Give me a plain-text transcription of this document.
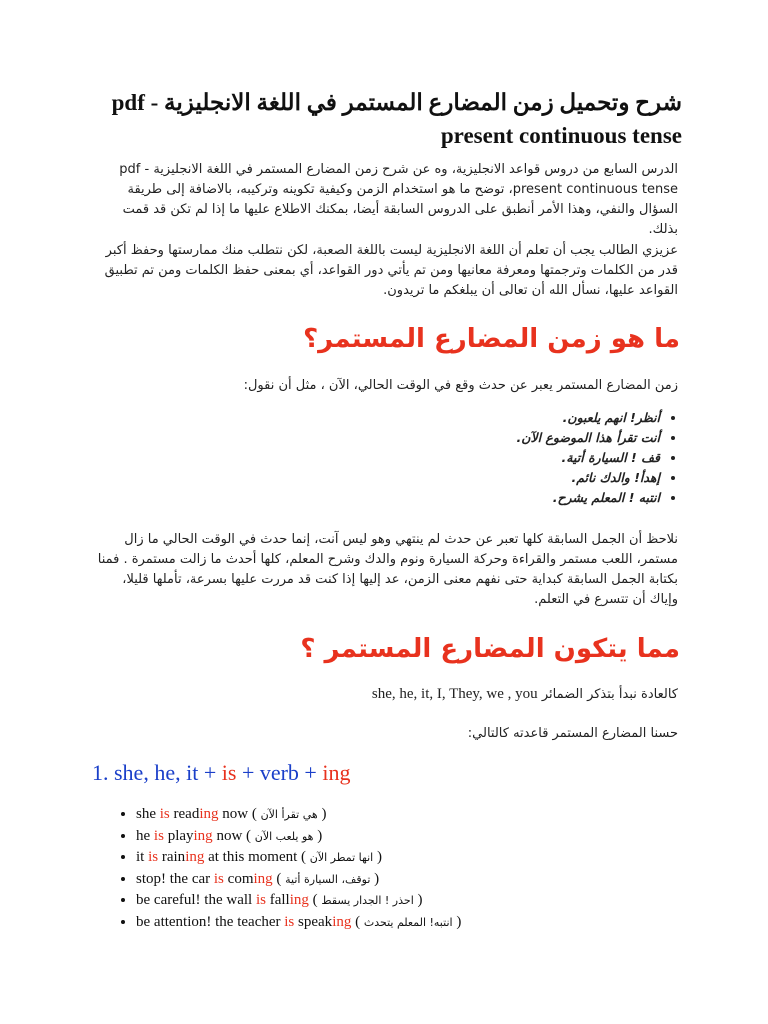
شرح وتحميل زمن المضارع المستمر في اللغة الانجليزية pdf - present continuous tense
الدرس السابع من دروس قواعد الانجليزية، وه عن شرح زمن المضارع المستمر في اللغة الانجليزية pdf - present continuous tense، توضح ما هو استخدام الزمن وكيفية تكوينه وتركيبه، بالاضافة إلى طريقة السؤال والنفي، وهذا الأمر أنطبق على الدروس السابقة أيضا، بمكنك الاطلاع عليها ما إذا لم تكن قد قمت بذلك.
عزيزي الطالب يجب أن تعلم أن اللغة الانجليزية ليست باللغة الصعبة، لكن نتطلب منك ممارستها وحفظ أكبر قدر من الكلمات وترجمتها ومعرفة معانيها ومن تم يأتي دور القواعد، أي بمعنى حفظ الكلمات ومن تم تطبيق القواعد عليها، نسأل الله أن تعالى أن يبلغكم ما تريدون.
ما هو زمن المضارع المستمر؟
زمن المضارع المستمر يعبر عن حدث وقع في الوقت الحالي، الآن ، مثل أن نقول:
• أنظر! انهم يلعبون.
• أنت تقرأ هذا الموضوع الآن.
• قف ! السيارة أتية.
• إهدأ! والدك نائم.
• انتبه ! المعلم يشرح.
نلاحظ أن الجمل السابقة كلها تعبر عن حدث لم ينتهي وهو ليس آنت، إنما حدث في الوقت الحالي ما زال مستمر، اللعب مستمر والقراءة وحركة السيارة ونوم والدك وشرح المعلم، كلها أحدث ما زالت مستمرة . فمنا بكتابة الجمل السابقة كبداية حتى نفهم معنى الزمن، عد إليها إذا كنت قد مررت عليها بسرعة، تأملها قليلا، وإياك أن تتسرع في التعلم.
مما يتكون المضارع المستمر ؟
كالعادة نبدأ بتذكر الضمائر she, he, it, I, They, we , you
حسنا المضارع المستمر قاعدته كالتالي:
1. she, he, it + is + verb + ing
• she is reading now ( هي تقرأ الآن )
• he is playing now ( هو يلعب الآن )
• it is raining at this moment ( انها تمطر الآن )
• stop! the car is coming ( توقف، السيارة أتية )
• be careful! the wall is falling ( احذر ! الجدار يسقط )
• be attention! the teacher is speaking ( انتبه! المعلم يتحدث )
